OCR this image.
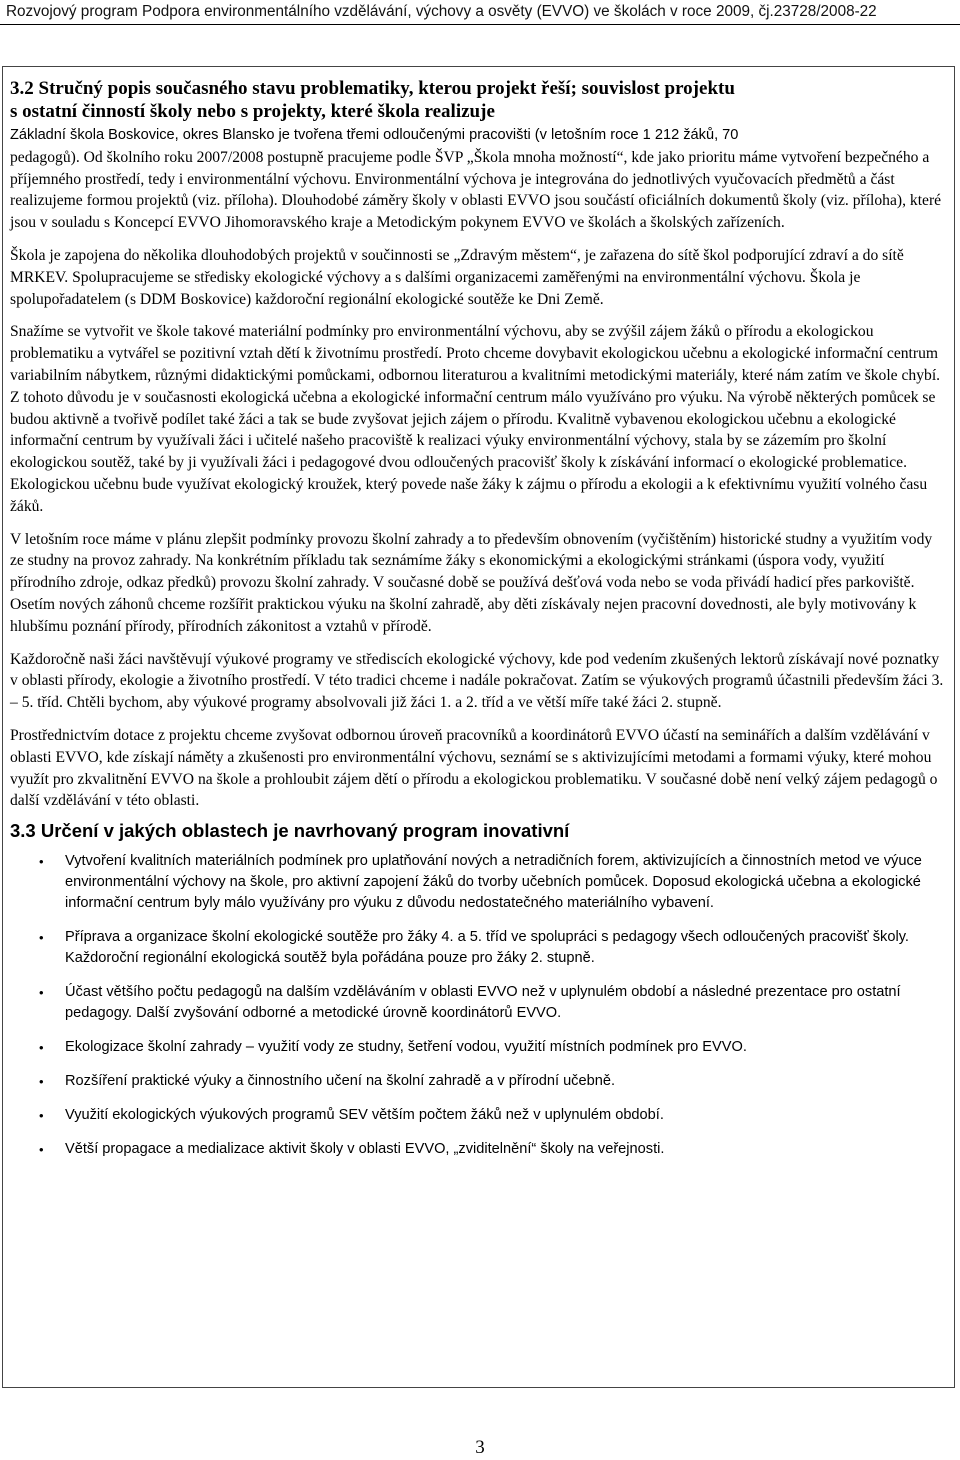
Rozvojový program Podpora environmentálního vzdělávání, výchovy a osvěty (EVVO) ve školách v roce 2009, čj.23728/2008-22
3.2 Stručný popis současného stavu problematiky, kterou projekt řeší; souvislost projektu
s ostatní činností školy nebo s projekty, které škola realizuje

Základní škola Boskovice, okres Blansko je tvořena třemi odloučenými pracovišti (v letošním roce 1 212 žáků, 70

pedagogů). Od školního roku 2007/2008 postupně pracujeme podle ŠVP „Škola mnoha možností“, kde jako prioritu máme vytvoření bezpečného a příjemného prostředí, tedy i environmentální výchovu. Environmentální výchova je integrována do jednotlivých vyučovacích předmětů a část realizujeme formou projektů (viz. příloha). Dlouhodobé záměry školy v oblasti EVVO jsou součástí oficiálních dokumentů školy (viz. příloha), které jsou v souladu s Koncepcí EVVO Jihomoravského kraje a Metodickým pokynem EVVO ve školách a školských zařízeních.

Škola je zapojena do několika dlouhodobých projektů v součinnosti se „Zdravým městem“, je zařazena do sítě škol podporující zdraví a do sítě MRKEV. Spolupracujeme se středisky ekologické výchovy a s dalšími organizacemi zaměřenými na environmentální výchovu. Škola je spolupořadatelem (s DDM Boskovice) každoroční regionální ekologické soutěže ke Dni Země.

Snažíme se vytvořit ve škole takové materiální podmínky pro environmentální výchovu, aby se zvýšil zájem žáků o přírodu a ekologickou problematiku a vytvářel se pozitivní vztah dětí k životnímu prostředí. Proto chceme dovybavit ekologickou učebnu a ekologické informační centrum variabilním nábytkem, různými didaktickými pomůckami, odbornou literaturou a kvalitními metodickými materiály, které nám zatím ve škole chybí. Z tohoto důvodu je v současnosti ekologická učebna a ekologické informační centrum málo využíváno pro výuku. Na výrobě některých pomůcek se budou aktivně a tvořivě podílet také žáci a tak se bude zvyšovat jejich zájem o přírodu. Kvalitně vybavenou ekologickou učebnu a ekologické informační centrum by využívali žáci i učitelé našeho pracoviště k realizaci výuky environmentální výchovy, stala by se zázemím pro školní ekologickou soutěž, také by ji využívali žáci i pedagogové dvou odloučených pracovišť školy k získávání informací o ekologické problematice. Ekologickou učebnu bude využívat ekologický kroužek, který povede naše žáky k zájmu o přírodu a ekologii a k efektivnímu využití volného času žáků.

V letošním roce máme v plánu zlepšit podmínky provozu školní zahrady a to především obnovením (vyčištěním) historické studny a využitím vody ze studny na provoz zahrady. Na konkrétním příkladu tak seznámíme žáky s ekonomickými a ekologickými stránkami (úspora vody, využití přírodního zdroje, odkaz předků) provozu školní zahrady. V současné době se používá dešťová voda nebo se voda přivádí hadicí přes parkoviště. Osetím nových záhonů chceme rozšířit praktickou výuku na školní zahradě, aby děti získávaly nejen pracovní dovednosti, ale byly motivovány k hlubšímu poznání přírody, přírodních zákonitost a vztahů v přírodě.

Každoročně naši žáci navštěvují výukové programy ve střediscích ekologické výchovy, kde pod vedením zkušených lektorů získávají nové poznatky v oblasti přírody, ekologie a životního prostředí. V této tradici chceme i nadále pokračovat. Zatím se výukových programů účastnili především žáci 3. – 5. tříd. Chtěli bychom, aby výukové programy absolvovali již žáci 1. a 2. tříd a ve větší míře také žáci 2. stupně.

Prostřednictvím dotace z projektu chceme zvyšovat odbornou úroveň pracovníků a koordinátorů EVVO účastí na seminářích a dalším vzdělávání v oblasti EVVO, kde získají náměty a zkušenosti pro environmentální výchovu, seznámí se s aktivizujícími metodami a formami výuky, které mohou využít pro zkvalitnění EVVO na škole a prohloubit zájem dětí o přírodu a ekologickou problematiku. V současné době není velký zájem pedagogů o další vzdělávání v této oblasti.

3.3 Určení v jakých oblastech je navrhovaný program inovativní
• Vytvoření kvalitních materiálních podmínek pro uplatňování nových a netradičních forem, aktivizujících a činnostních metod ve výuce environmentální výchovy na škole, pro aktivní zapojení žáků do tvorby učebních pomůcek. Doposud ekologická učebna a ekologické informační centrum byly málo využívány pro výuku z důvodu nedostatečného materiálního vybavení.
• Příprava a organizace školní ekologické soutěže pro žáky 4. a 5. tříd ve spolupráci s pedagogy všech odloučených pracovišť školy. Každoroční regionální ekologická soutěž byla pořádána pouze pro žáky 2. stupně.
• Účast většího počtu pedagogů na dalším vzděláváním v oblasti EVVO než v uplynulém období a následné prezentace pro ostatní pedagogy. Další zvyšování odborné a metodické úrovně koordinátorů EVVO.
• Ekologizace školní zahrady – využití vody ze studny, šetření vodou, využití místních podmínek pro EVVO.
• Rozšíření praktické výuky a činnostního učení na školní zahradě a v přírodní učebně.
• Využití ekologických výukových programů SEV větším počtem žáků než v uplynulém období.
• Větší propagace a medializace aktivit školy v oblasti EVVO, „zviditelnění“ školy na veřejnosti.
3
